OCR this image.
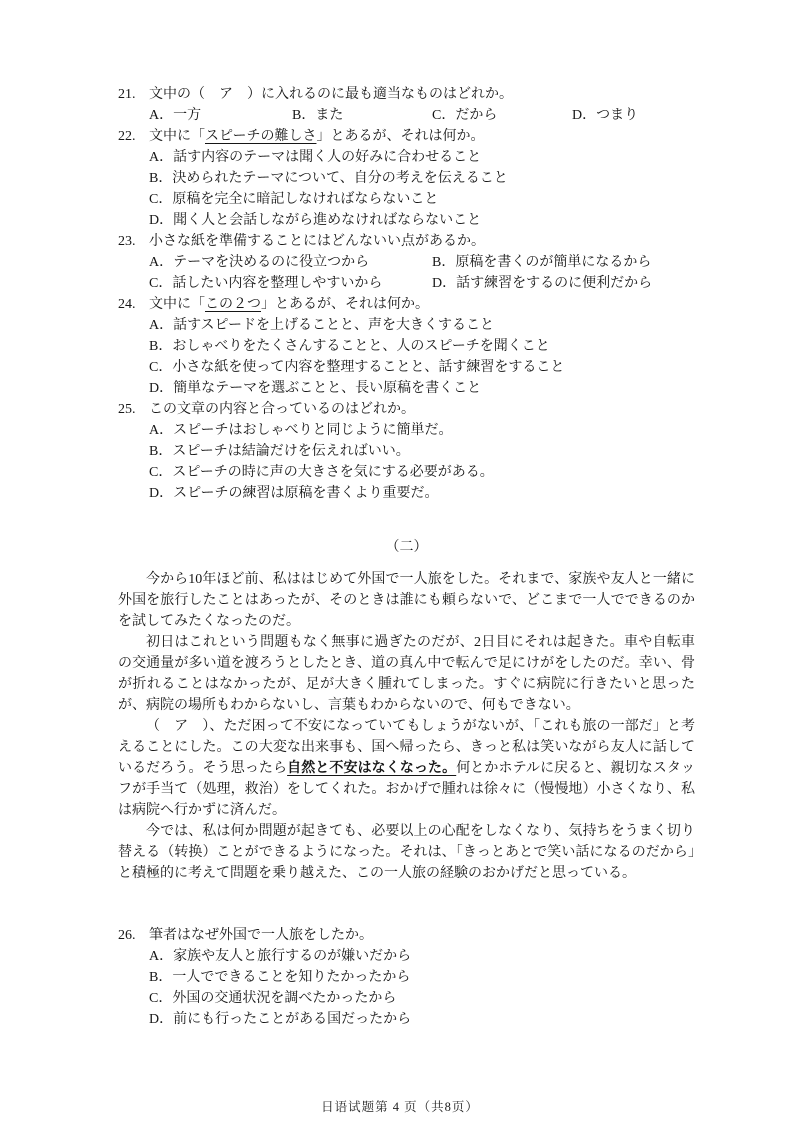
21. 文中の（　ア　）に入れるのに最も適当なものはどれか。
A．一方	B．また	C．だから	D．つまり
22. 文中に「スピーチの難しさ」とあるが、それは何か。
A．話す内容のテーマは聞く人の好みに合わせること
B．決められたテーマについて、自分の考えを伝えること
C．原稿を完全に暗記しなければならないこと
D．聞く人と会話しながら進めなければならないこと
23. 小さな紙を準備することにはどんないい点があるか。
A．テーマを決めるのに役立つから	B．原稿を書くのが簡単になるから
C．話したい内容を整理しやすいから	D．話す練習をするのに便利だから
24. 文中に「この２つ」とあるが、それは何か。
A．話すスピードを上げることと、声を大きくすること
B．おしゃべりをたくさんすることと、人のスピーチを聞くこと
C．小さな紙を使って内容を整理することと、話す練習をすること
D．簡単なテーマを選ぶことと、長い原稿を書くこと
25. この文章の内容と合っているのはどれか。
A．スピーチはおしゃべりと同じように簡単だ。
B．スピーチは結論だけを伝えればいい。
C．スピーチの時に声の大きさを気にする必要がある。
D．スピーチの練習は原稿を書くより重要だ。
（二）

今から10年ほど前、私ははじめて外国で一人旅をした。それまで、家族や友人と一緒に外国を旅行したことはあったが、そのときは誰にも頼らないで、どこまで一人でできるのかを試してみたくなったのだ。

初日はこれという問題もなく無事に過ぎたのだが、2日目にそれは起きた。車や自転車の交通量が多い道を渡ろうとしたとき、道の真ん中で転んで足にけがをしたのだ。幸い、骨が折れることはなかったが、足が大きく腫れてしまった。すぐに病院に行きたいと思ったが、病院の場所もわからないし、言葉もわからないので、何もできない。

（　ア　）、ただ困って不安になっていてもしょうがないが、「これも旅の一部だ」と考えることにした。この大変な出来事も、国へ帰ったら、きっと私は笑いながら友人に話しているだろう。そう思ったら自然と不安はなくなった。何とかホテルに戻ると、親切なスタッフが手当て（処理，救治）をしてくれた。おかげで腫れは徐々に（慢慢地）小さくなり、私は病院へ行かずに済んだ。

今では、私は何か問題が起きても、必要以上の心配をしなくなり、気持ちをうまく切り替える（转换）ことができるようになった。それは、「きっとあとで笑い話になるのだから」と積極的に考えて問題を乗り越えた、この一人旅の経験のおかげだと思っている。

26. 筆者はなぜ外国で一人旅をしたか。
A．家族や友人と旅行するのが嫌いだから
B．一人でできることを知りたかったから
C．外国の交通状況を調べたかったから
D．前にも行ったことがある国だったから
日语试题第 4 页（共8页）
